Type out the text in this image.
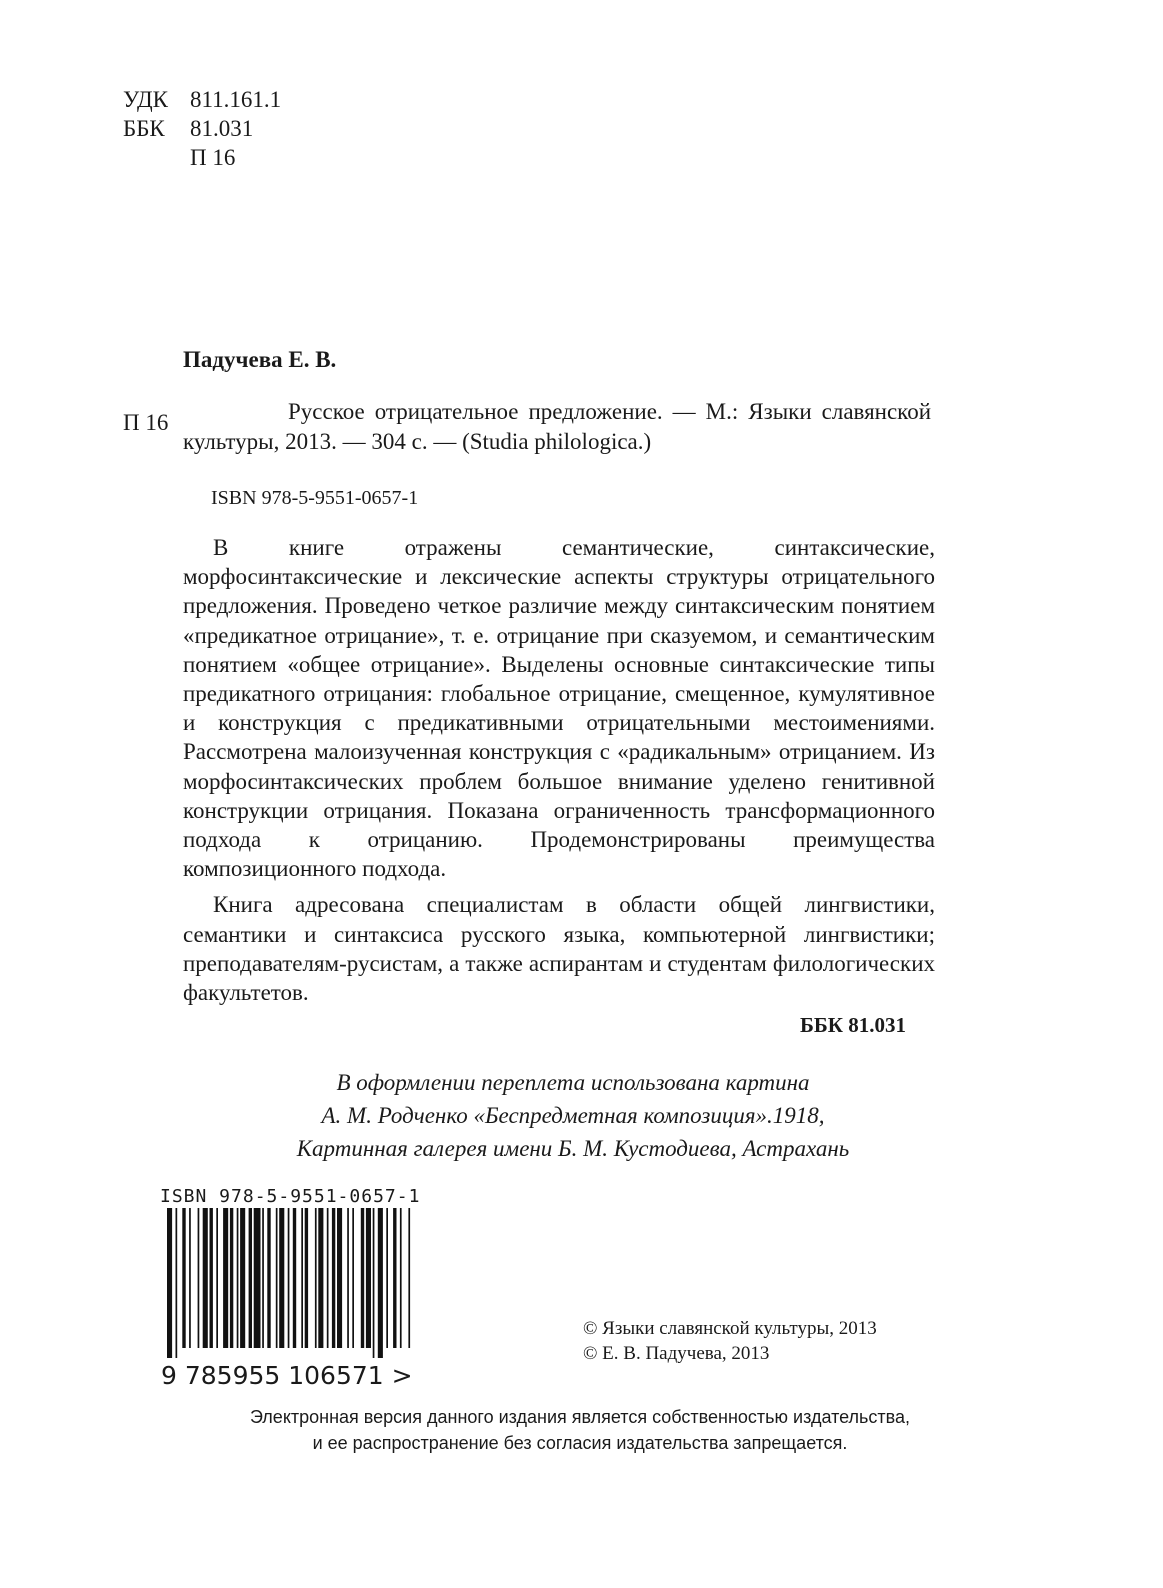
УДК 811.161.1
ББК 81.031
П 16
Падучева Е. В.
П 16	Русское отрицательное предложение. — М.: Языки славянской культуры, 2013. — 304 с. — (Studia philologica.)

ISBN 978-5-9551-0657-1

В книге отражены семантические, синтаксические, морфосинтаксические и лексические аспекты структуры отрицательного предложения. Проведено четкое различие между синтаксическим понятием «предикатное отрицание», т. е. отрицание при сказуемом, и семантическим понятием «общее отрицание». Выделены основные синтаксические типы предикатного отрицания: глобальное отрицание, смещенное, кумулятивное и конструкция с предикативными отрицательными местоимениями. Рассмотрена малоизученная конструкция с «радикальным» отрицанием. Из морфосинтаксических проблем большое внимание уделено генитивной конструкции отрицания. Показана ограниченность трансформационного подхода к отрицанию. Продемонстрированы преимущества композиционного подхода.

Книга адресована специалистам в области общей лингвистики, семантики и синтаксиса русского языка, компьютерной лингвистики; преподавателям-русистам, а также аспирантам и студентам филологических факультетов.

ББК 81.031
В оформлении переплета использована картина
А. М. Родченко «Беспредметная композиция».1918,
Картинная галерея имени Б. М. Кустодиева, Астрахань
ISBN 978-5-9551-0657-1
9 785955 106571 >
© Языки славянской культуры, 2013
© Е. В. Падучева, 2013
Электронная версия данного издания является собственностью издательства,
и ее распространение без согласия издательства запрещается.
